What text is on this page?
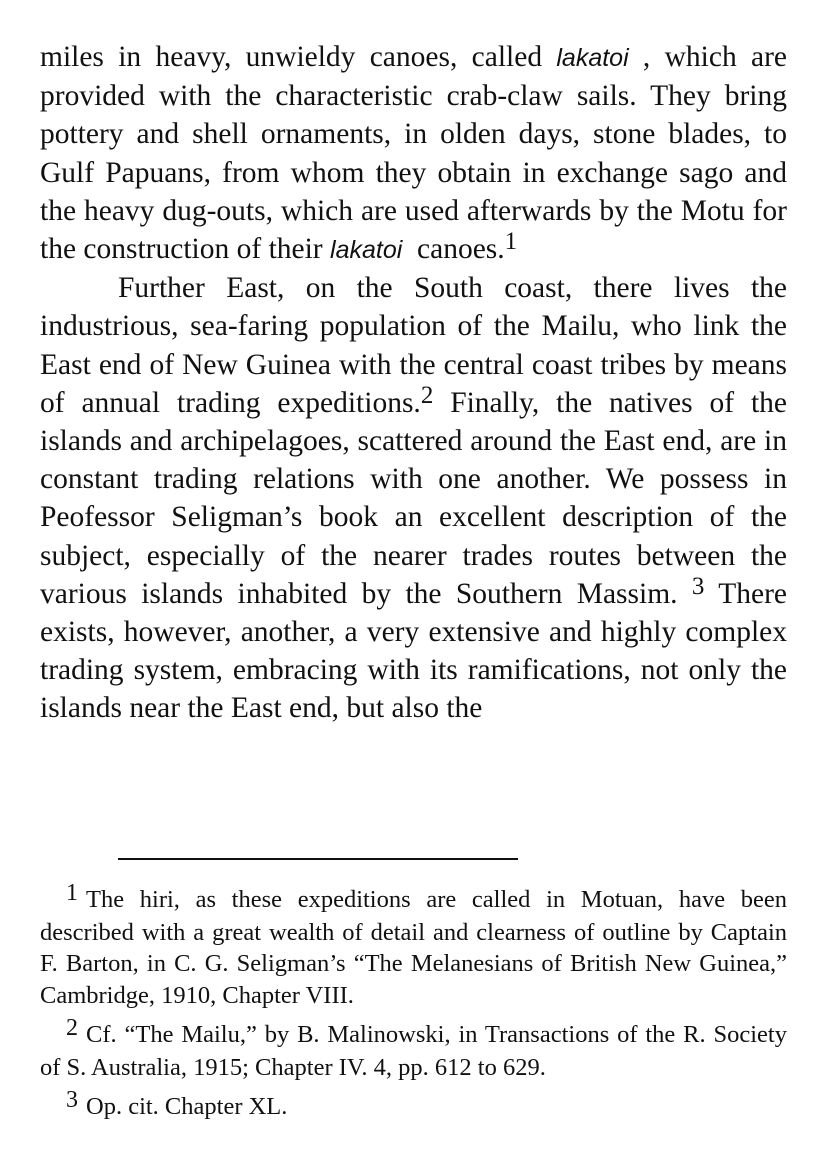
miles in heavy, unwieldy canoes, called lakatoi , which are provided with the characteristic crab-claw sails. They bring pottery and shell ornaments, in olden days, stone blades, to Gulf Papuans, from whom they obtain in exchange sago and the heavy dug-outs, which are used afterwards by the Motu for the construction of their lakatoi  canoes.$^1$

Further East, on the South coast, there lives the industrious, sea-faring population of the Mailu, who link the East end of New Guinea with the central coast tribes by means of annual trading expeditions.$^2$ Finally, the natives of the islands and archipelagoes, scattered around the East end, are in constant trading relations with one another. We possess in Peofessor Seligman’s book an excellent description of the subject, especially of the nearer trades routes between the various islands inhabited by the Southern Massim. $^3$ There exists, however, another, a very extensive and highly complex trading system, embracing with its ramifications, not only the islands near the East end, but also the

1 The hiri, as these expeditions are called in Motuan, have been described with a great wealth of detail and clearness of outline by Captain F. Barton, in C. G. Seligman’s “The Melanesians of British New Guinea,” Cambridge, 1910, Chapter VIII.

2 Cf. “The Mailu,” by B. Malinowski, in Transactions of the R. Society of S. Australia, 1915; Chapter IV. 4, pp. 612 to 629.

3 Op. cit. Chapter XL.
